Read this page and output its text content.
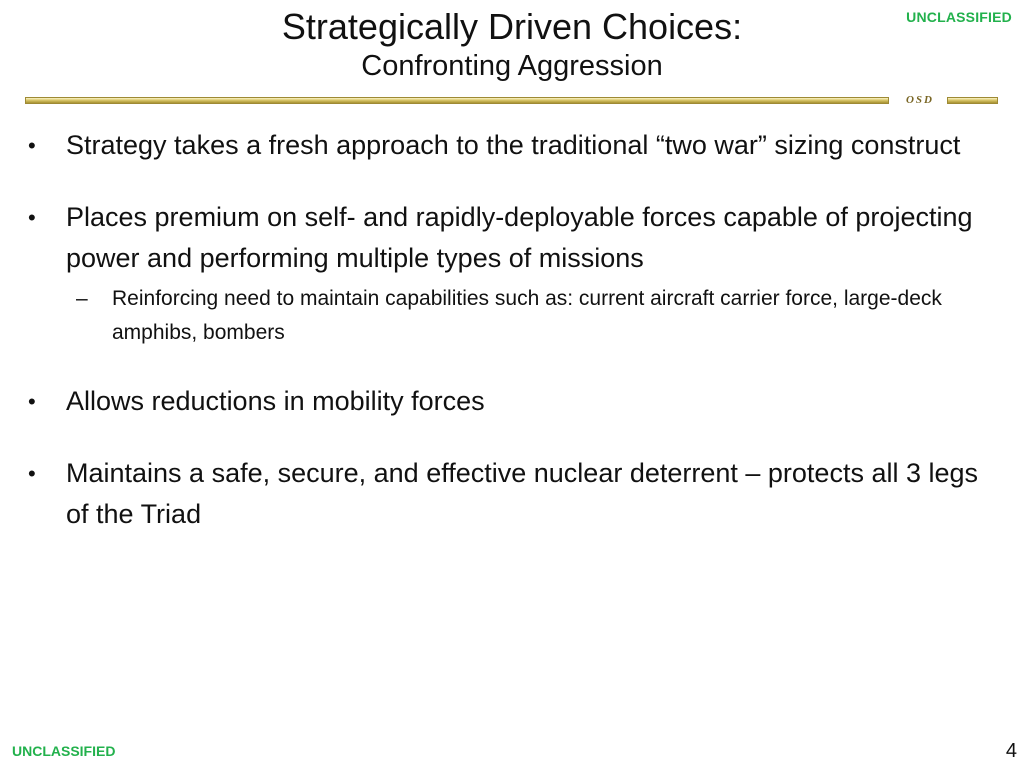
UNCLASSIFIED
Strategically Driven Choices:
Confronting Aggression
OSD
• Strategy takes a fresh approach to the traditional “two war” sizing construct
• Places premium on self- and rapidly-deployable forces capable of projecting power and performing multiple types of missions
– Reinforcing need to maintain capabilities such as: current aircraft carrier force, large-deck amphibs, bombers
• Allows reductions in mobility forces
• Maintains a safe, secure, and effective nuclear deterrent – protects all 3 legs of the Triad
UNCLASSIFIED	4
